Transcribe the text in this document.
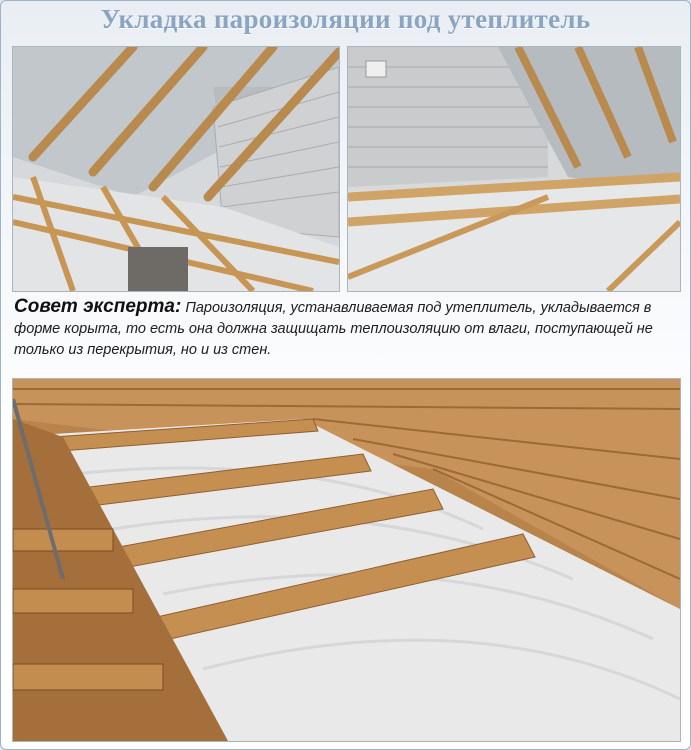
Укладка пароизоляции под утеплитель
Совет эксперта: Пароизоляция, устанавливаемая под утеплитель, укладывается в форме корыта, то есть она должна защищать теплоизоляцию от влаги, поступающей не только из перекрытия, но и из стен.
